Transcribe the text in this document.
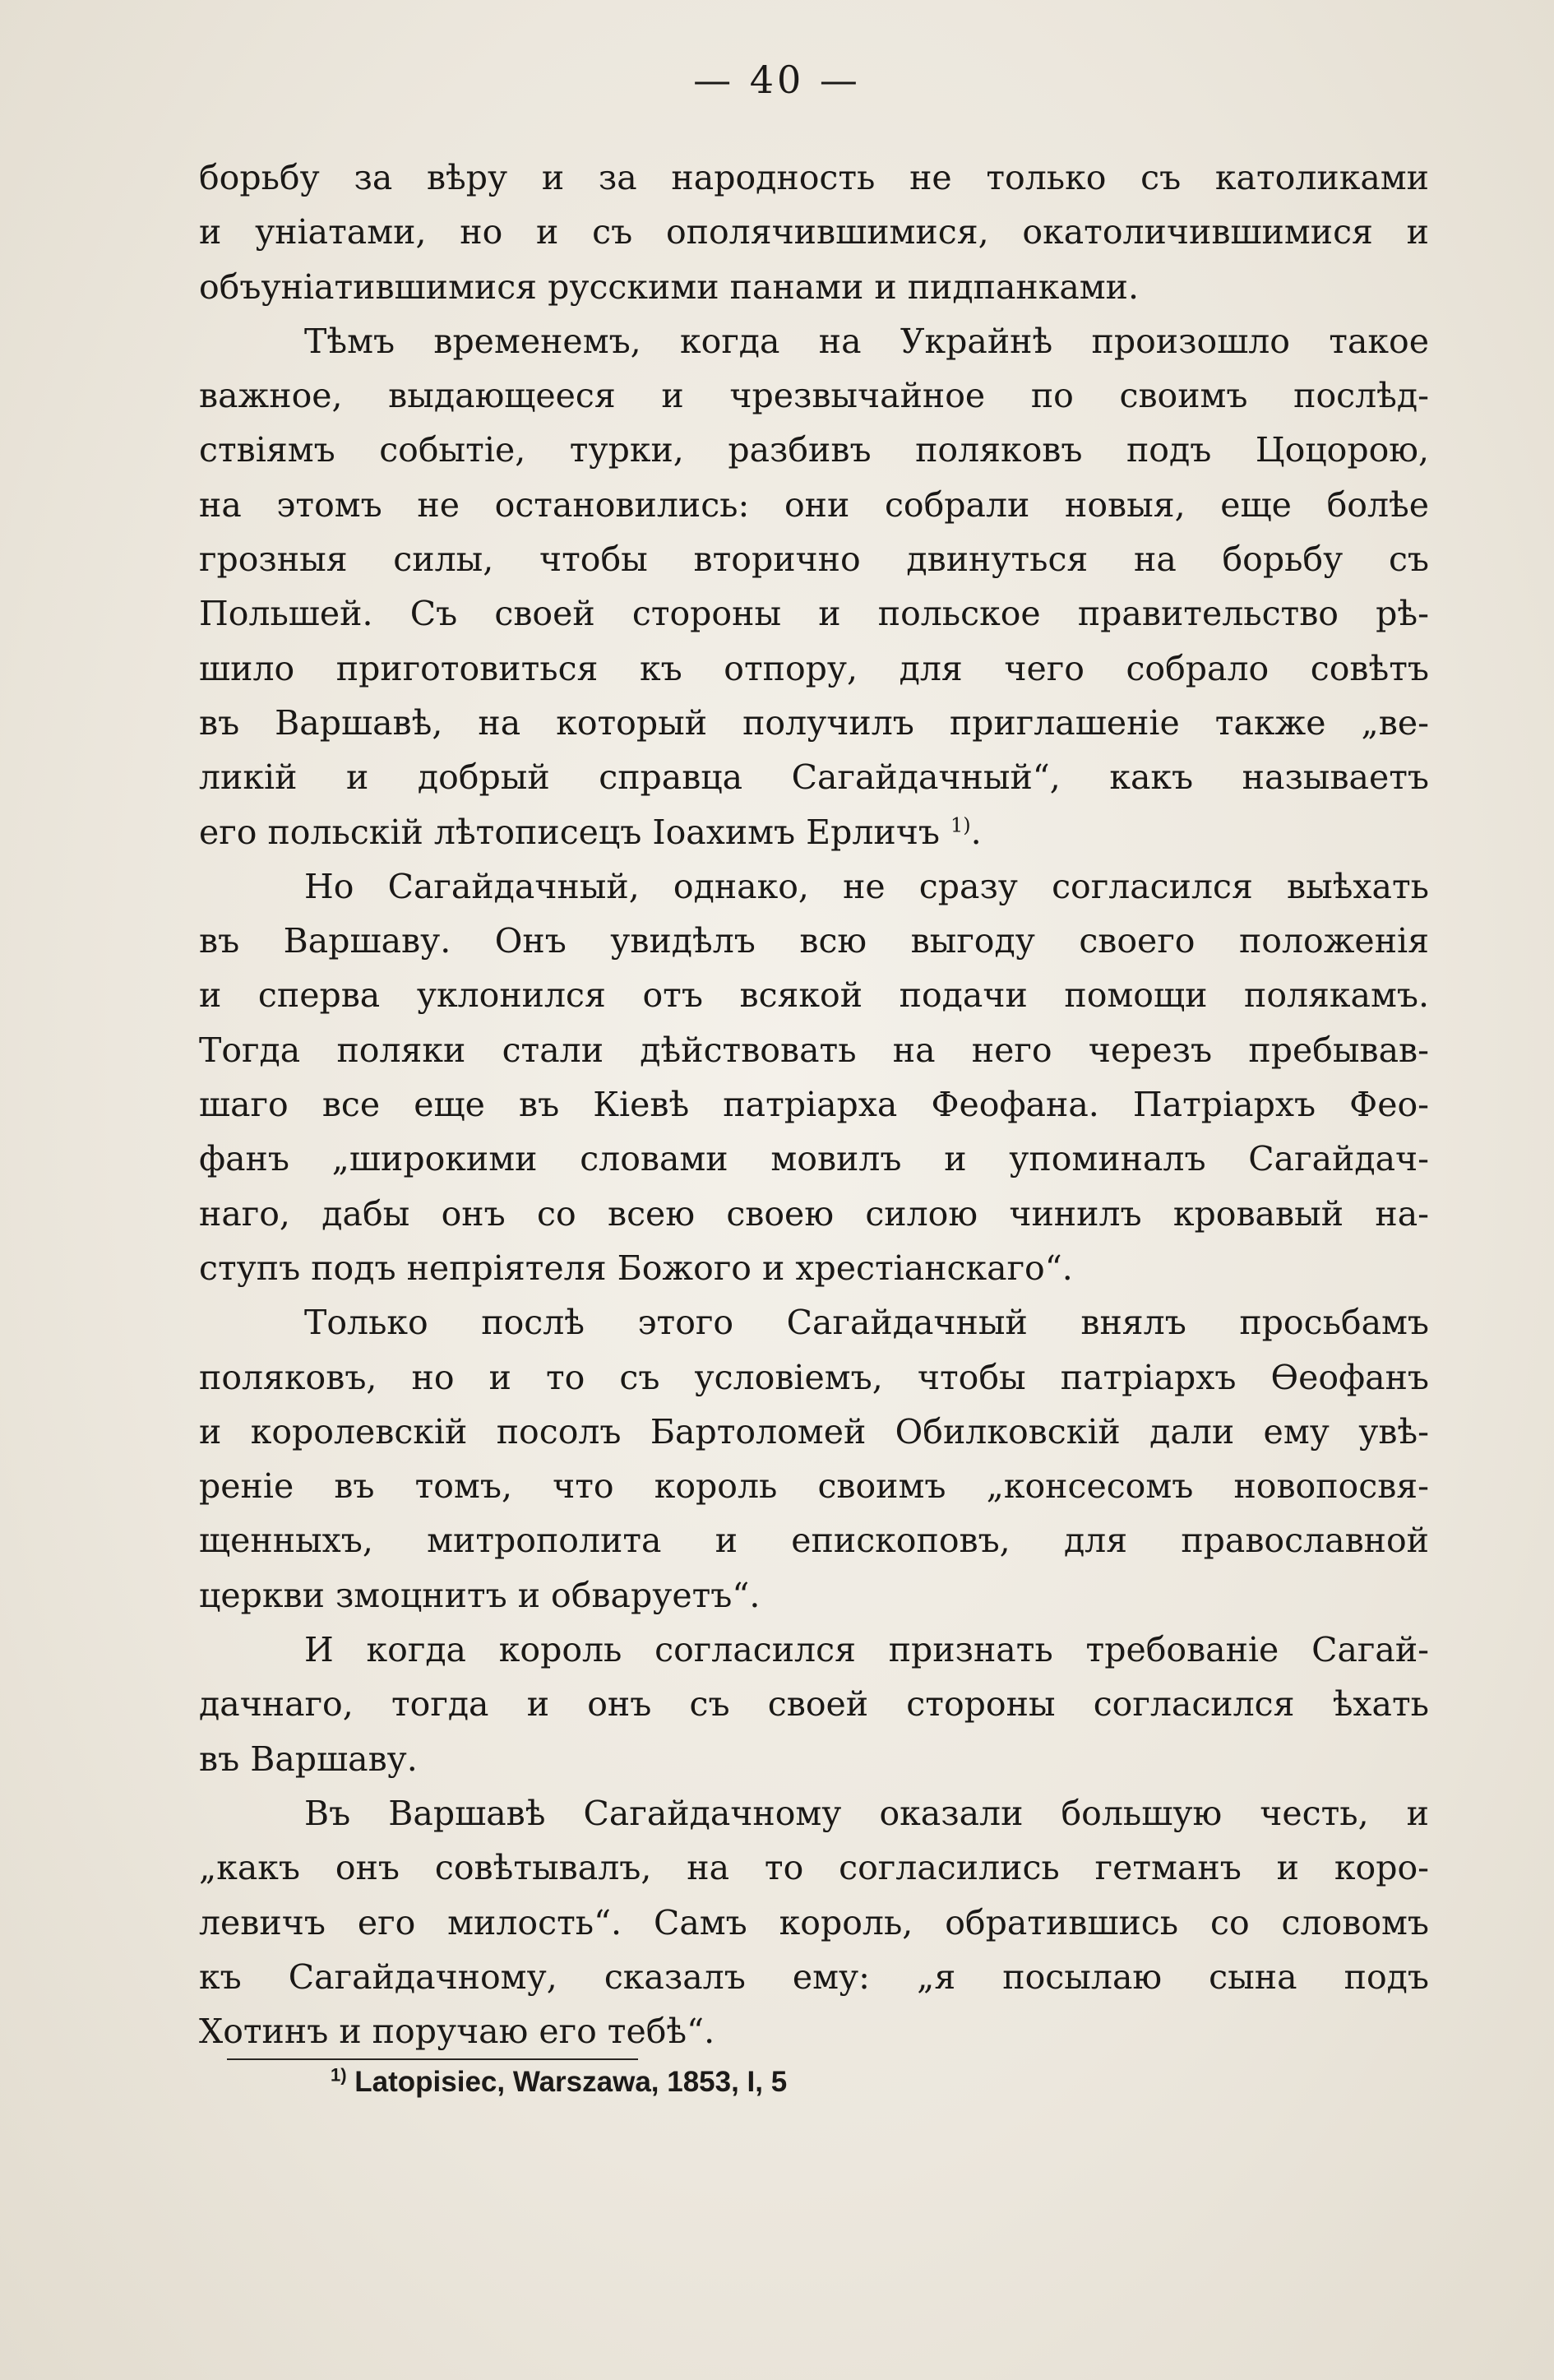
— 40 —
борьбу за вѣру и за народность не только съ католиками
и уніатами, но и съ ополячившимися, окатоличившимися и
объуніатившимися русскими панами и пидпанками.
Тѣмъ временемъ, когда на Украйнѣ произошло такое
важное, выдающееся и чрезвычайное по своимъ послѣд-
ствіямъ событіе, турки, разбивъ поляковъ подъ Цоцорою,
на этомъ не остановились: они собрали новыя, еще болѣе
грозныя силы, чтобы вторично двинуться на борьбу съ
Польшей. Съ своей стороны и польское правительство рѣ-
шило приготовиться къ отпору, для чего собрало совѣтъ
въ Варшавѣ, на который получилъ приглашеніе также „ве-
ликій и добрый справца Сагайдачный“, какъ называетъ
его польскій лѣтописецъ Іоахимъ Ерличъ $^{1)}$.
Но Сагайдачный, однако, не сразу согласился выѣхать
въ Варшаву. Онъ увидѣлъ всю выгоду своего положенія
и сперва уклонился отъ всякой подачи помощи полякамъ.
Тогда поляки стали дѣйствовать на него черезъ пребывав-
шаго все еще въ Кіевѣ патріарха Феофана. Патріархъ Фео-
фанъ „широкими словами мовилъ и упоминалъ Сагайдач-
наго, дабы онъ со всею своею силою чинилъ кровавый на-
ступъ подъ непріятеля Божого и хрестіанскаго“.
Только послѣ этого Сагайдачный внялъ просьбамъ
поляковъ, но и то съ условіемъ, чтобы патріархъ Ѳеофанъ
и королевскій посолъ Бартоломей Обилковскій дали ему увѣ-
реніе въ томъ, что король своимъ „консесомъ новопосвя-
щенныхъ, митрополита и епископовъ, для православной
церкви змоцнитъ и обваруетъ“.
И когда король согласился признать требованіе Сагай-
дачнаго, тогда и онъ съ своей стороны согласился ѣхать
въ Варшаву.
Въ Варшавѣ Сагайдачному оказали большую честь, и
„какъ онъ совѣтывалъ, на то согласились гетманъ и коро-
левичъ его милость“. Самъ король, обратившись со словомъ
къ Сагайдачному, сказалъ ему: „я посылаю сына подъ
Хотинъ и поручаю его тебѣ“.
$^{1)}$ Latopisiec, Warszawa, 1853, I, 5
